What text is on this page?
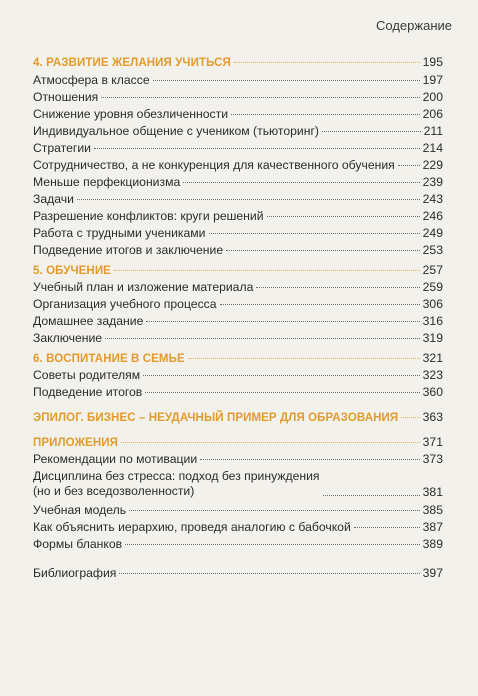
Содержание
4. РАЗВИТИЕ ЖЕЛАНИЯ УЧИТЬСЯ	195
Атмосфера в классе	197
Отношения	200
Снижение уровня обезличенности	206
Индивидуальное общение с учеником (тьюторинг)	211
Стратегии	214
Сотрудничество, а не конкуренция для качественного обучения 229
Меньше перфекционизма	239
Задачи	243
Разрешение конфликтов: круги решений	246
Работа с трудными учениками	249
Подведение итогов и заключение	253
5. ОБУЧЕНИЕ	257
Учебный план и изложение материала	259
Организация учебного процесса	306
Домашнее задание	316
Заключение	319
6. ВОСПИТАНИЕ В СЕМЬЕ	321
Советы родителям	323
Подведение итогов	360
ЭПИЛОГ. БИЗНЕС – НЕУДАЧНЫЙ ПРИМЕР ДЛЯ ОБРАЗОВАНИЯ 363
ПРИЛОЖЕНИЯ	371
Рекомендации по мотивации	373
Дисциплина без стресса: подход без принуждения
(но и без вседозволенности)	381
Учебная модель	385
Как объяснить иерархию, проведя аналогию с бабочкой	387
Формы бланков	389
Библиография	397
